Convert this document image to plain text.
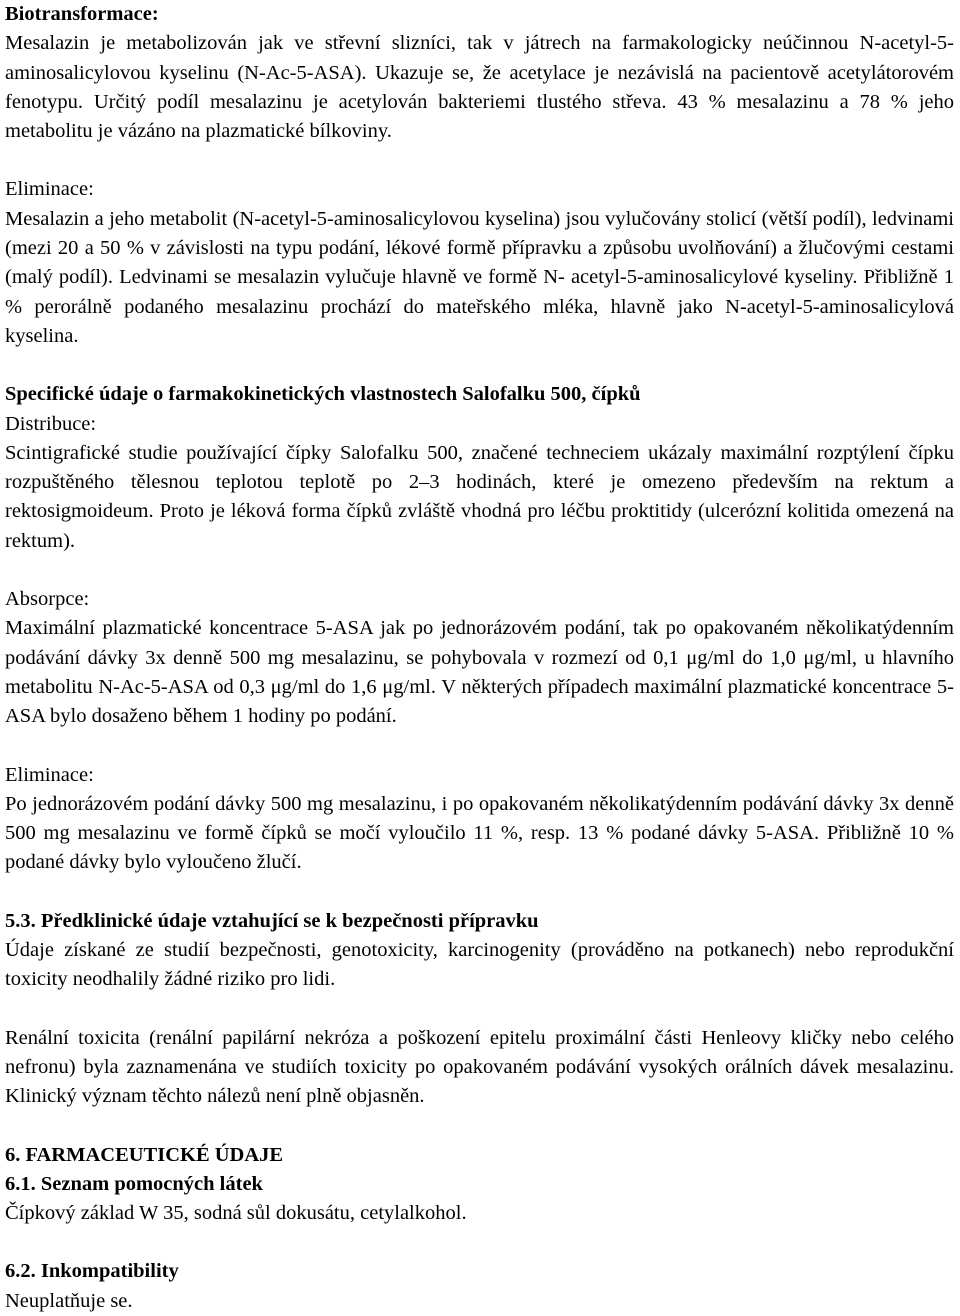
Biotransformace:

Mesalazin je metabolizován jak ve střevní slizníci, tak v játrech na farmakologicky neúčinnou N-acetyl-5-aminosalicylovou kyselinu (N-Ac-5-ASA). Ukazuje se, že acetylace je nezávislá na pacientově acetylátorovém fenotypu. Určitý podíl mesalazinu je acetylován bakteriemi tlustého střeva. 43 % mesalazinu a 78 % jeho metabolitu je vázáno na plazmatické bílkoviny.

Eliminace:

Mesalazin a jeho metabolit (N-acetyl-5-aminosalicylovou kyselina) jsou vylučovány stolicí (větší podíl), ledvinami (mezi 20 a 50 % v závislosti na typu podání, lékové formě přípravku a způsobu uvolňování) a žlučovými cestami (malý podíl). Ledvinami se mesalazin vylučuje hlavně ve formě N- acetyl-5-aminosalicylové kyseliny. Přibližně 1 % perorálně podaného mesalazinu prochází do mateřského mléka, hlavně jako N-acetyl-5-aminosalicylová kyselina.

Specifické údaje o farmakokinetických vlastnostech Salofalku 500, čípků

Distribuce:

Scintigrafické studie používající čípky Salofalku 500, značené techneciem ukázaly maximální rozptýlení čípku rozpuštěného tělesnou teplotou teplotě po 2–3 hodinách, které je omezeno především na rektum a rektosigmoideum. Proto je léková forma čípků zvláště vhodná pro léčbu proktitidy (ulcerózní kolitida omezená na rektum).

Absorpce:

Maximální plazmatické koncentrace 5-ASA jak po jednorázovém podání, tak po opakovaném několikatýdenním podávání dávky 3x denně 500 mg mesalazinu, se pohybovala v rozmezí od 0,1 μg/ml do 1,0 μg/ml, u hlavního metabolitu N-Ac-5-ASA od 0,3 μg/ml do 1,6 μg/ml. V některých případech maximální plazmatické koncentrace 5-ASA bylo dosaženo během 1 hodiny po podání.

Eliminace:

Po jednorázovém podání dávky 500 mg mesalazinu, i po opakovaném několikatýdenním podávání dávky 3x denně 500 mg mesalazinu ve formě čípků se močí vyloučilo 11 %, resp. 13 % podané dávky 5-ASA. Přibližně 10 % podané dávky bylo vyloučeno žlučí.

5.3. Předklinické údaje vztahující se k bezpečnosti přípravku

Údaje získané ze studií bezpečnosti, genotoxicity, karcinogenity (prováděno na potkanech) nebo reprodukční toxicity neodhalily žádné riziko pro lidi.

Renální toxicita (renální papilární nekróza a poškození epitelu proximální části Henleovy kličky nebo celého nefronu) byla zaznamenána ve studiích toxicity po opakovaném podávání vysokých orálních dávek mesalazinu. Klinický význam těchto nálezů není plně objasněn.

6. FARMACEUTICKÉ ÚDAJE

6.1. Seznam pomocných látek

Čípkový základ W 35, sodná sůl dokusátu, cetylalkohol.

6.2. Inkompatibility

Neuplatňuje se.
